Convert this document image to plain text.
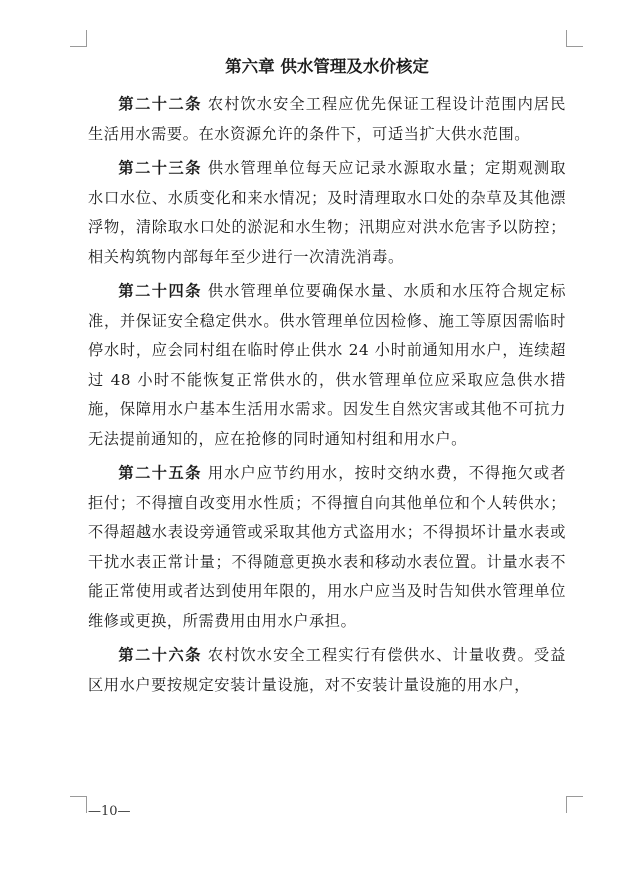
第六章 供水管理及水价核定

第二十二条 农村饮水安全工程应优先保证工程设计范围内居民生活用水需要。在水资源允许的条件下，可适当扩大供水范围。

第二十三条 供水管理单位每天应记录水源取水量；定期观测取水口水位、水质变化和来水情况；及时清理取水口处的杂草及其他漂浮物，清除取水口处的淤泥和水生物；汛期应对洪水危害予以防控；相关构筑物内部每年至少进行一次清洗消毒。

第二十四条 供水管理单位要确保水量、水质和水压符合规定标准，并保证安全稳定供水。供水管理单位因检修、施工等原因需临时停水时，应会同村组在临时停止供水 24 小时前通知用水户，连续超过 48 小时不能恢复正常供水的，供水管理单位应采取应急供水措施，保障用水户基本生活用水需求。因发生自然灾害或其他不可抗力无法提前通知的，应在抢修的同时通知村组和用水户。

第二十五条 用水户应节约用水，按时交纳水费，不得拖欠或者拒付；不得擅自改变用水性质；不得擅自向其他单位和个人转供水；不得超越水表设旁通管或采取其他方式盗用水；不得损坏计量水表或干扰水表正常计量；不得随意更换水表和移动水表位置。计量水表不能正常使用或者达到使用年限的，用水户应当及时告知供水管理单位维修或更换，所需费用由用水户承担。

第二十六条 农村饮水安全工程实行有偿供水、计量收费。受益区用水户要按规定安装计量设施，对不安装计量设施的用水户，

—10—
